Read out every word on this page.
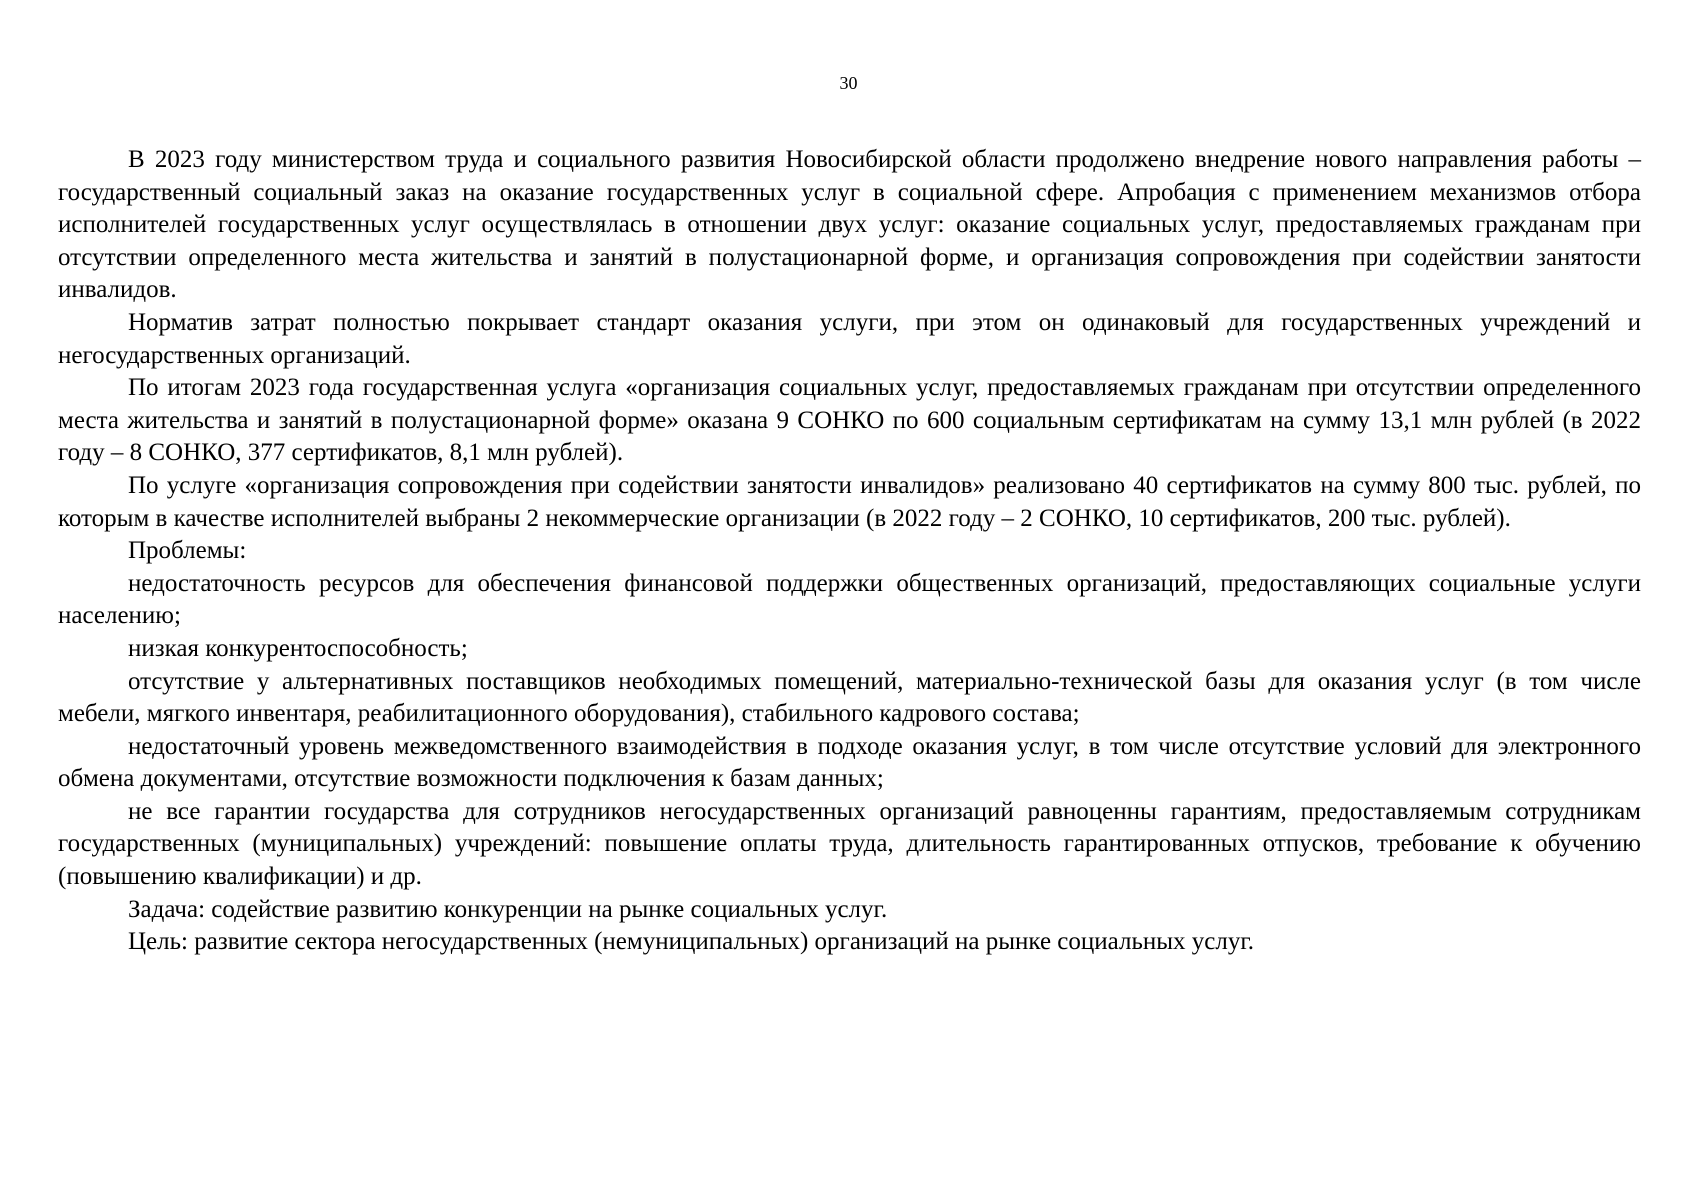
30

В 2023 году министерством труда и социального развития Новосибирской области продолжено внедрение нового направления работы – государственный социальный заказ на оказание государственных услуг в социальной сфере. Апробация с применением механизмов отбора исполнителей государственных услуг осуществлялась в отношении двух услуг: оказание социальных услуг, предоставляемых гражданам при отсутствии определенного места жительства и занятий в полустационарной форме, и организация сопровождения при содействии занятости инвалидов.

Норматив затрат полностью покрывает стандарт оказания услуги, при этом он одинаковый для государственных учреждений и негосударственных организаций.

По итогам 2023 года государственная услуга «организация социальных услуг, предоставляемых гражданам при отсутствии определенного места жительства и занятий в полустационарной форме» оказана 9 СОНКО по 600 социальным сертификатам на сумму 13,1 млн рублей (в 2022 году – 8 СОНКО, 377 сертификатов, 8,1 млн рублей).

По услуге «организация сопровождения при содействии занятости инвалидов» реализовано 40 сертификатов на сумму 800 тыс. рублей, по которым в качестве исполнителей выбраны 2 некоммерческие организации (в 2022 году – 2 СОНКО, 10 сертификатов, 200 тыс. рублей).

Проблемы:

недостаточность ресурсов для обеспечения финансовой поддержки общественных организаций, предоставляющих социальные услуги населению;

низкая конкурентоспособность;

отсутствие у альтернативных поставщиков необходимых помещений, материально-технической базы для оказания услуг (в том числе мебели, мягкого инвентаря, реабилитационного оборудования), стабильного кадрового состава;

недостаточный уровень межведомственного взаимодействия в подходе оказания услуг, в том числе отсутствие условий для электронного обмена документами, отсутствие возможности подключения к базам данных;

не все гарантии государства для сотрудников негосударственных организаций равноценны гарантиям, предоставляемым сотрудникам государственных (муниципальных) учреждений: повышение оплаты труда, длительность гарантированных отпусков, требование к обучению (повышению квалификации) и др.

Задача: содействие развитию конкуренции на рынке социальных услуг.

Цель: развитие сектора негосударственных (немуниципальных) организаций на рынке социальных услуг.
